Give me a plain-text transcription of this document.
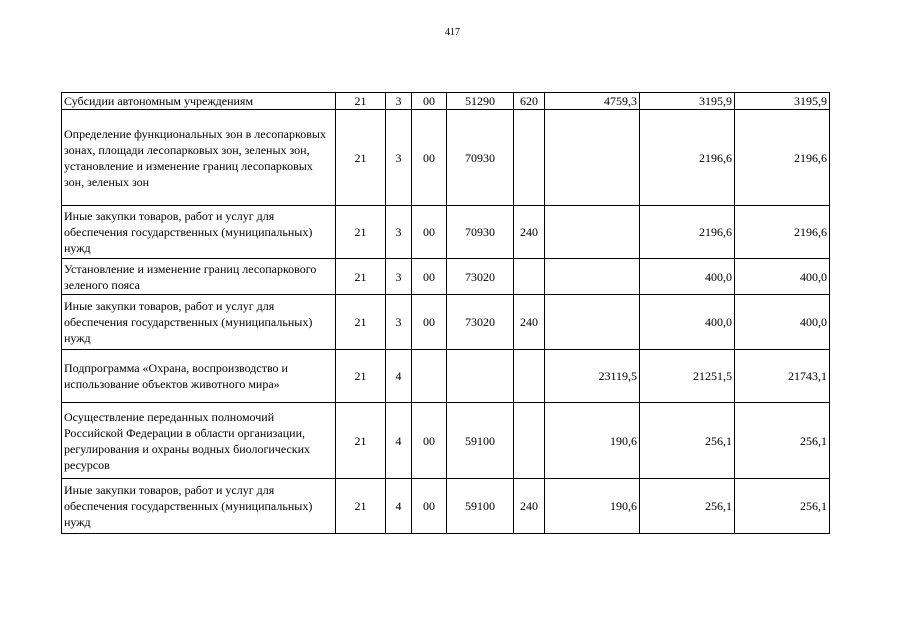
417
Субсидии автономным учреждениям	21	3	00	51290	620	4759,3	3195,9	3195,9
Определение функциональных зон в лесопарковых зонах, площади лесопарковых зон, зеленых зон, установление и изменение границ лесопарковых зон, зеленых зон	21	3	00	70930			2196,6	2196,6
Иные закупки товаров, работ и услуг для обеспечения государственных (муниципальных) нужд	21	3	00	70930	240		2196,6	2196,6
Установление и изменение границ лесопаркового зеленого пояса	21	3	00	73020			400,0	400,0
Иные закупки товаров, работ и услуг для обеспечения государственных (муниципальных) нужд	21	3	00	73020	240		400,0	400,0
Подпрограмма «Охрана, воспроизводство и использование объектов животного мира»	21	4				23119,5	21251,5	21743,1
Осуществление переданных полномочий Российской Федерации в области организации, регулирования и охраны водных биологических ресурсов	21	4	00	59100		190,6	256,1	256,1
Иные закупки товаров, работ и услуг для обеспечения государственных (муниципальных) нужд	21	4	00	59100	240	190,6	256,1	256,1
